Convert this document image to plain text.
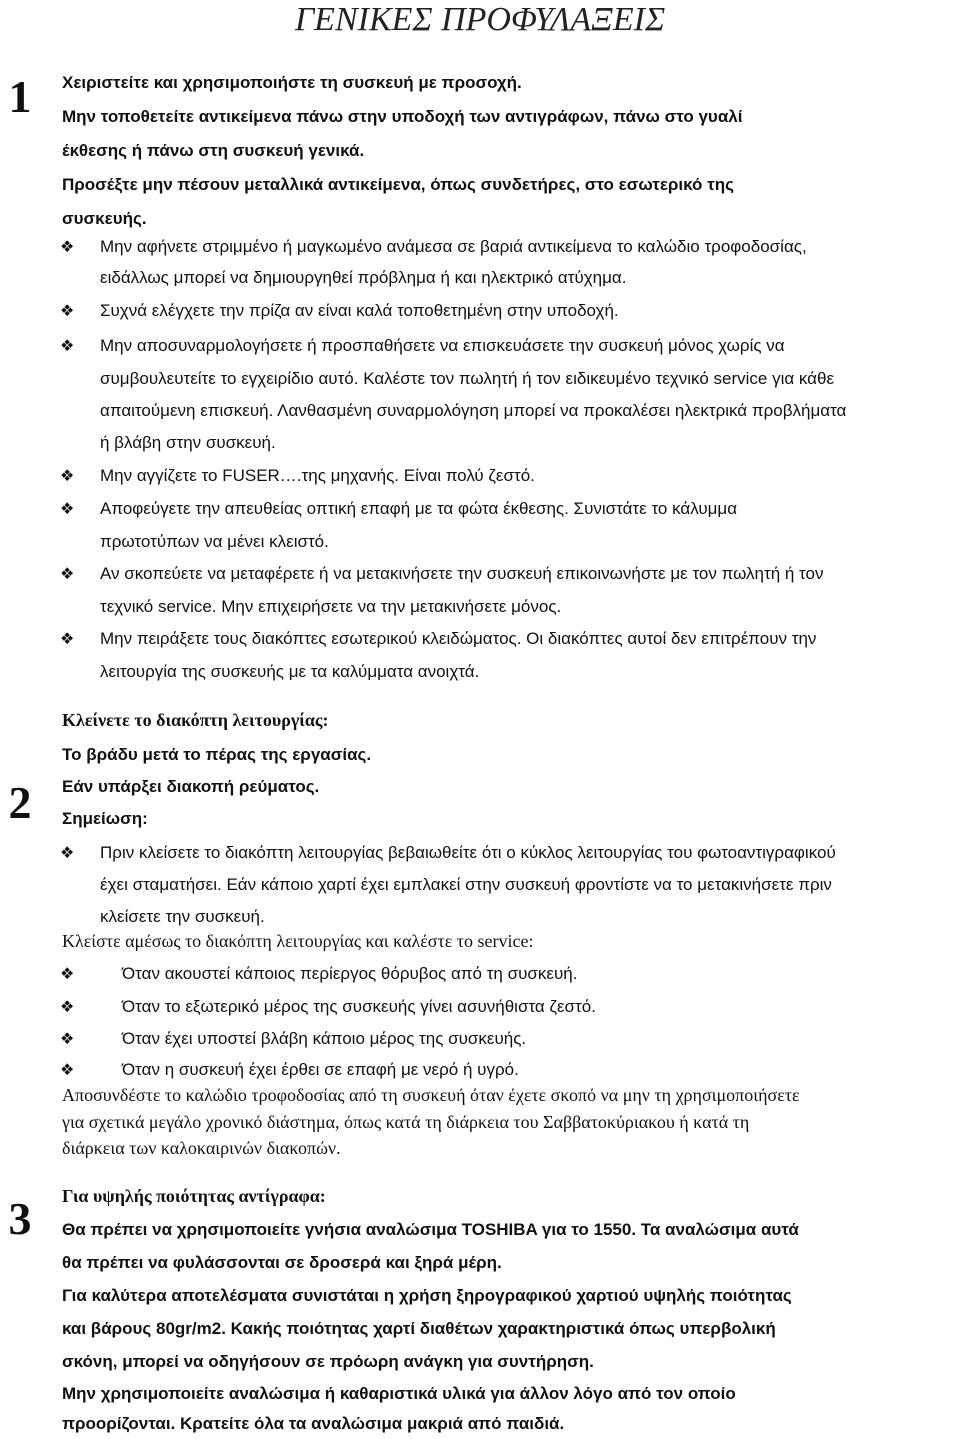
ΓΕΝΙΚΕΣ ΠΡΟΦΥΛΑΞΕΙΣ
1	Χειριστείτε και χρησιμοποιήστε τη συσκευή με προσοχή.
Μην τοποθετείτε αντικείμενα πάνω στην υποδοχή των αντιγράφων, πάνω στο γυαλί
έκθεσης ή πάνω στη συσκευή γενικά.
Προσέξτε μην πέσουν μεταλλικά αντικείμενα, όπως συνδετήρες, στο εσωτερικό της
συσκευής.
❖	Μην αφήνετε στριμμένο ή μαγκωμένο ανάμεσα σε βαριά αντικείμενα το καλώδιο τροφοδοσίας,
ειδάλλως μπορεί να δημιουργηθεί πρόβλημα ή και ηλεκτρικό ατύχημα.
❖	Συχνά ελέγχετε την πρίζα αν είναι καλά τοποθετημένη στην υποδοχή.
❖	Μην αποσυναρμολογήσετε ή προσπαθήσετε να επισκευάσετε την συσκευή μόνος χωρίς να
συμβουλευτείτε το εγχειρίδιο αυτό. Καλέστε τον πωλητή ή τον ειδικευμένο τεχνικό service για κάθε
απαιτούμενη επισκευή. Λανθασμένη συναρμολόγηση μπορεί να προκαλέσει ηλεκτρικά προβλήματα
ή βλάβη στην συσκευή.
❖	Μην αγγίζετε το FUSER….της μηχανής. Είναι πολύ ζεστό.
❖	Αποφεύγετε την απευθείας οπτική επαφή με τα φώτα έκθεσης. Συνιστάτε το κάλυμμα
πρωτοτύπων να μένει κλειστό.
❖	Αν σκοπεύετε να μεταφέρετε ή να μετακινήσετε την συσκευή επικοινωνήστε με τον πωλητή ή τον
τεχνικό service. Μην επιχειρήσετε να την μετακινήσετε μόνος.
❖	Μην πειράξετε τους διακόπτες εσωτερικού κλειδώματος. Οι διακόπτες αυτοί δεν επιτρέπουν την
λειτουργία της συσκευής με τα καλύμματα ανοιχτά.
2
Κλείνετε το διακόπτη λειτουργίας:
Το βράδυ μετά το πέρας της εργασίας.
Εάν υπάρξει διακοπή ρεύματος.
Σημείωση:
❖	Πριν κλείσετε το διακόπτη λειτουργίας βεβαιωθείτε ότι ο κύκλος λειτουργίας του φωτοαντιγραφικού
έχει σταματήσει. Εάν κάποιο χαρτί έχει εμπλακεί στην συσκευή φροντίστε να το μετακινήσετε πριν
κλείσετε την συσκευή.
Κλείστε αμέσως το διακόπτη λειτουργίας και καλέστε το service:
❖	Όταν ακουστεί κάποιος περίεργος θόρυβος από τη συσκευή.
❖	Όταν το εξωτερικό μέρος της συσκευής γίνει ασυνήθιστα ζεστό.
❖	Όταν έχει υποστεί βλάβη κάποιο μέρος της συσκευής.
❖	Όταν η συσκευή έχει έρθει σε επαφή με νερό ή υγρό.
Αποσυνδέστε το καλώδιο τροφοδοσίας από τη συσκευή όταν έχετε σκοπό να μην τη χρησιμοποιήσετε
για σχετικά μεγάλο χρονικό διάστημα, όπως κατά τη διάρκεια του Σαββατοκύριακου ή κατά τη
διάρκεια των καλοκαιρινών διακοπών.
3	Για υψηλής ποιότητας αντίγραφα:
Θα πρέπει να χρησιμοποιείτε γνήσια αναλώσιμα TOSHIBA για το 1550. Τα αναλώσιμα αυτά
θα πρέπει να φυλάσσονται σε δροσερά και ξηρά μέρη.
Για καλύτερα αποτελέσματα συνιστάται η χρήση ξηρογραφικού χαρτιού υψηλής ποιότητας
και βάρους 80gr/m2. Κακής ποιότητας χαρτί διαθέτων χαρακτηριστικά όπως υπερβολική
σκόνη, μπορεί να οδηγήσουν σε πρόωρη ανάγκη για συντήρηση.
Μην χρησιμοποιείτε αναλώσιμα ή καθαριστικά υλικά για άλλον λόγο από τον οποίο
προορίζονται. Κρατείτε όλα τα αναλώσιμα μακριά από παιδιά.
